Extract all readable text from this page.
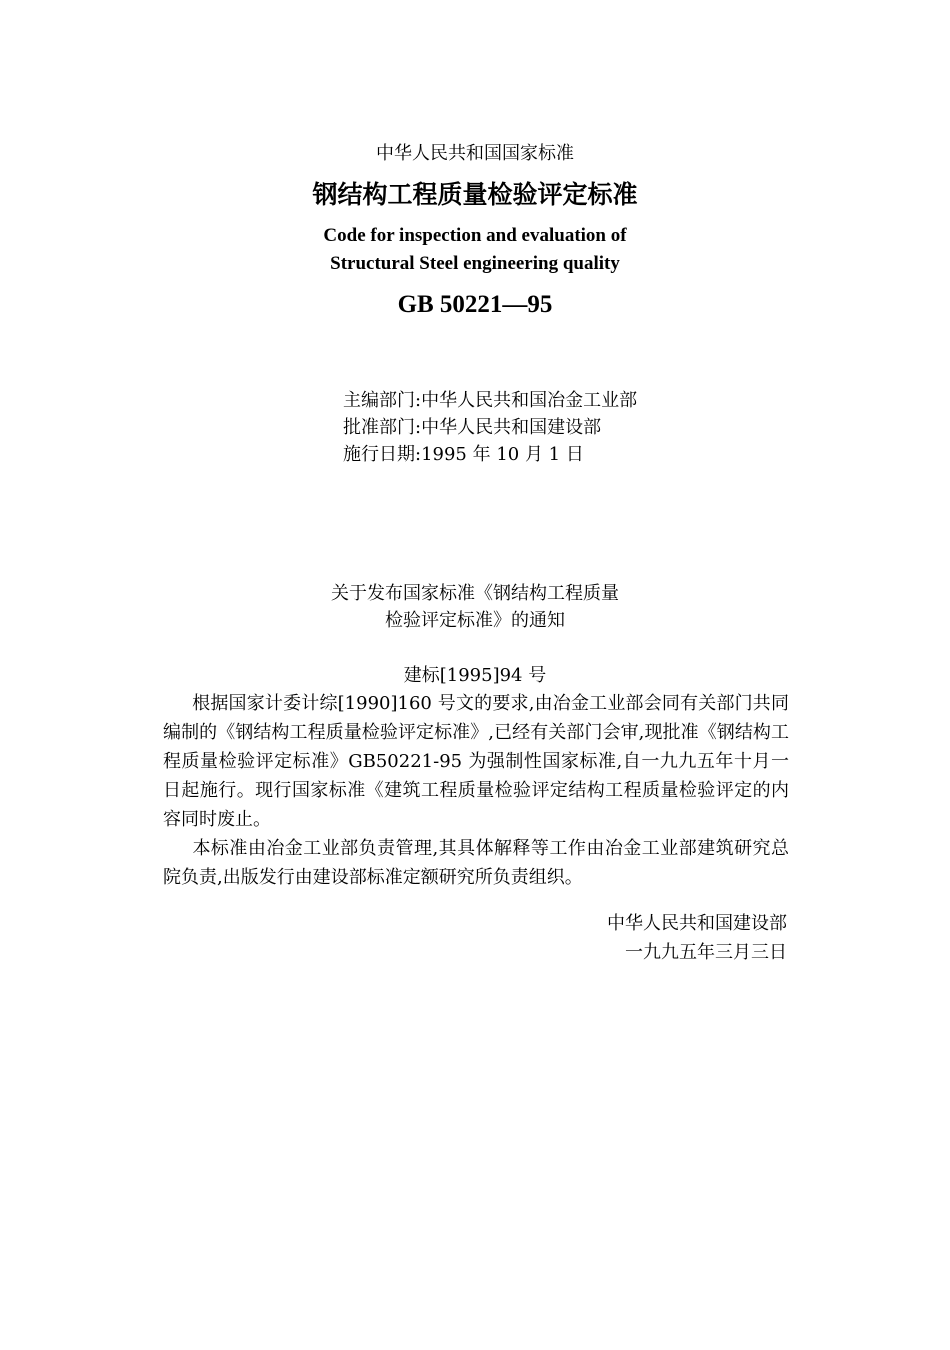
中华人民共和国国家标准
钢结构工程质量检验评定标准
Code for inspection and evaluation of
Structural Steel engineering quality
GB 50221—95
主编部门:中华人民共和国冶金工业部
批准部门:中华人民共和国建设部
施行日期:1995 年 10 月 1 日
关于发布国家标准《钢结构工程质量
检验评定标准》的通知
建标[1995]94 号

根据国家计委计综[1990]160 号文的要求,由冶金工业部会同有关部门共同编制的《钢结构工程质量检验评定标准》,已经有关部门会审,现批准《钢结构工程质量检验评定标准》GB50221-95 为强制性国家标准,自一九九五年十月一日起施行。现行国家标准《建筑工程质量检验评定结构工程质量检验评定的内容同时废止。

本标准由冶金工业部负责管理,其具体解释等工作由冶金工业部建筑研究总院负责,出版发行由建设部标准定额研究所负责组织。

中华人民共和国建设部
一九九五年三月三日
